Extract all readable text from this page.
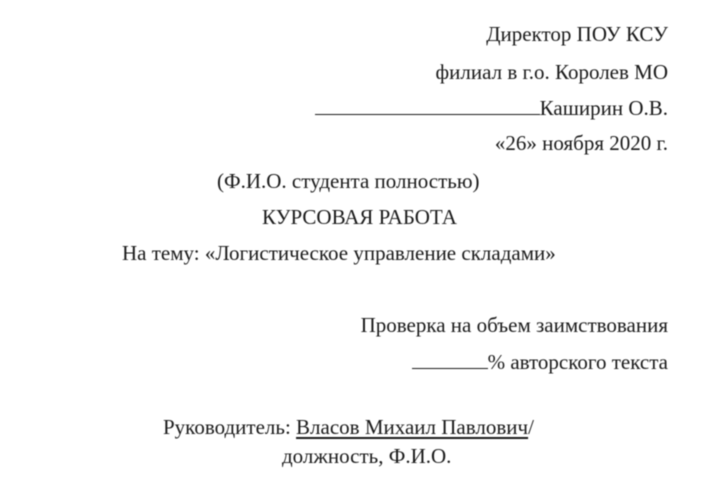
Директор ПОУ КСУ
филиал в г.о. Королев МО
Каширин О.В.
«26» ноября 2020 г.
(Ф.И.О. студента полностью)
КУРСОВАЯ РАБОТА
На тему: «Логистическое управление складами»
Проверка на объем заимствования
% авторского текста
Руководитель: Власов Михаил Павлович/
должность, Ф.И.О.
